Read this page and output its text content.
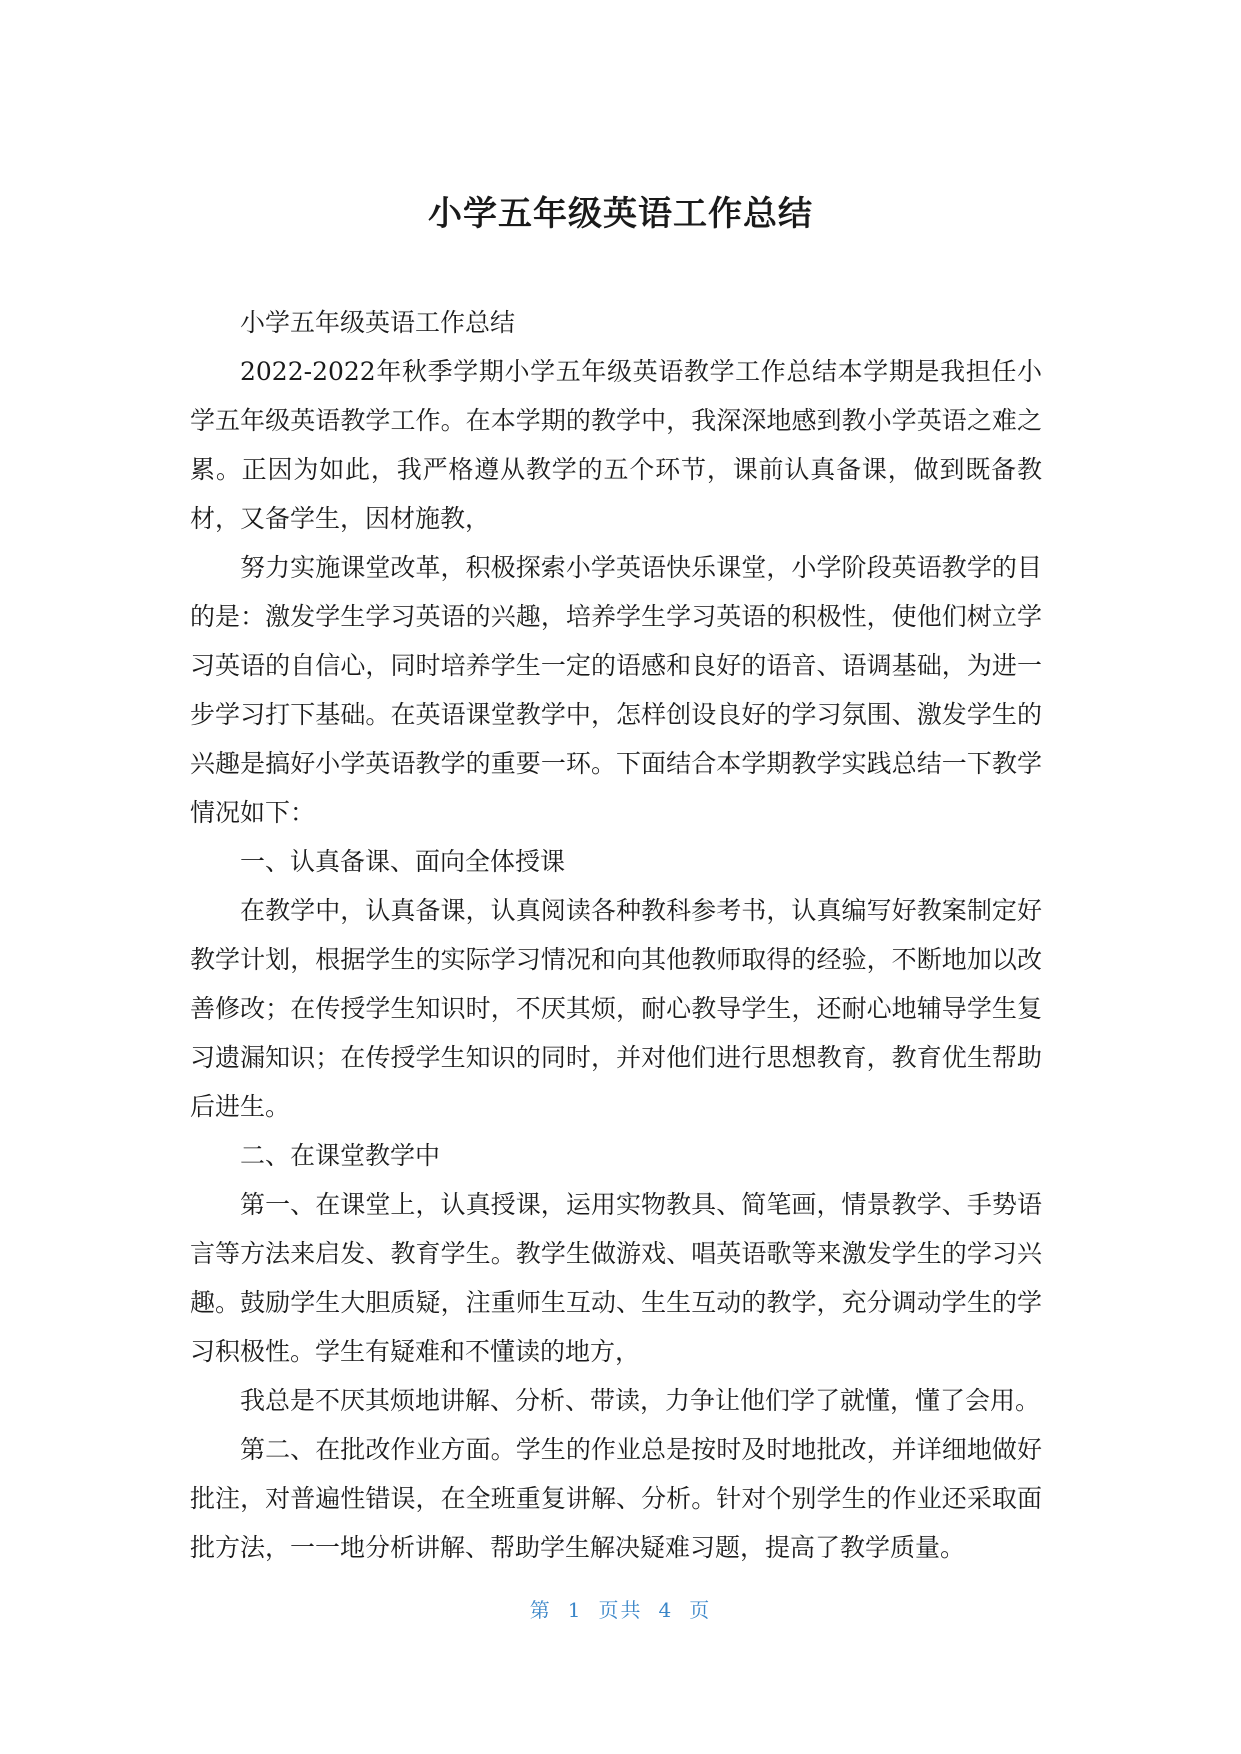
小学五年级英语工作总结

小学五年级英语工作总结

2022-2022年秋季学期小学五年级英语教学工作总结本学期是我担任小学五年级英语教学工作。在本学期的教学中，我深深地感到教小学英语之难之累。正因为如此，我严格遵从教学的五个环节，课前认真备课，做到既备教材，又备学生，因材施教，

努力实施课堂改革，积极探索小学英语快乐课堂，小学阶段英语教学的目的是：激发学生学习英语的兴趣，培养学生学习英语的积极性，使他们树立学习英语的自信心，同时培养学生一定的语感和良好的语音、语调基础，为进一步学习打下基础。在英语课堂教学中，怎样创设良好的学习氛围、激发学生的兴趣是搞好小学英语教学的重要一环。下面结合本学期教学实践总结一下教学情况如下：

一、认真备课、面向全体授课

在教学中，认真备课，认真阅读各种教科参考书，认真编写好教案制定好教学计划，根据学生的实际学习情况和向其他教师取得的经验，不断地加以改善修改；在传授学生知识时，不厌其烦，耐心教导学生，还耐心地辅导学生复习遗漏知识；在传授学生知识的同时，并对他们进行思想教育，教育优生帮助后进生。

二、在课堂教学中

第一、在课堂上，认真授课，运用实物教具、简笔画，情景教学、手势语言等方法来启发、教育学生。教学生做游戏、唱英语歌等来激发学生的学习兴趣。鼓励学生大胆质疑，注重师生互动、生生互动的教学，充分调动学生的学习积极性。学生有疑难和不懂读的地方，

我总是不厌其烦地讲解、分析、带读，力争让他们学了就懂，懂了会用。

第二、在批改作业方面。学生的作业总是按时及时地批改，并详细地做好批注，对普遍性错误，在全班重复讲解、分析。针对个别学生的作业还采取面批方法，一一地分析讲解、帮助学生解决疑难习题，提高了教学质量。

第 1 页共 4 页
